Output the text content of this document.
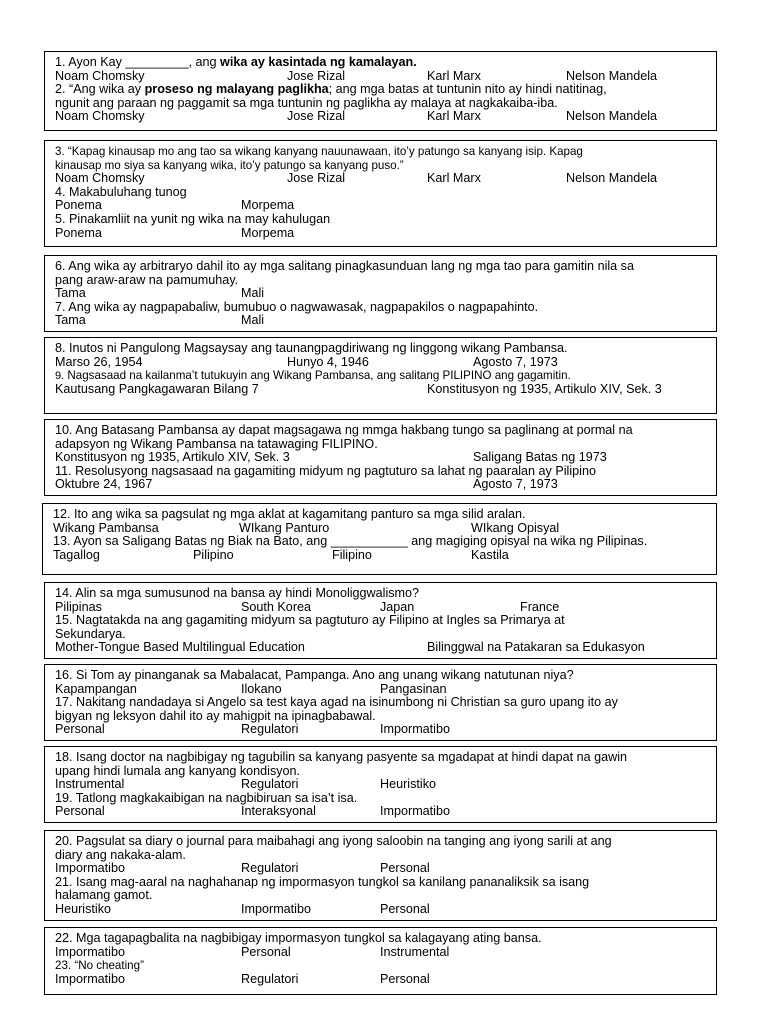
1. Ayon Kay _________, ang wika ay kasintada ng kamalayan.
Noam Chomsky	Jose Rizal	Karl Marx	Nelson Mandela
2. “Ang wika ay proseso ng malayang paglikha; ang mga batas at tuntunin nito ay hindi natitinag,
ngunit ang paraan ng paggamit sa mga tuntunin ng paglikha ay malaya at nagkakaiba-iba.
Noam Chomsky	Jose Rizal	Karl Marx	Nelson Mandela
3. “Kapag kinausap mo ang tao sa wikang kanyang nauunawaan, ito’y patungo sa kanyang isip. Kapag
kinausap mo siya sa kanyang wika, ito’y patungo sa kanyang puso.”
Noam Chomsky	Jose Rizal	Karl Marx	Nelson Mandela
4. Makabuluhang tunog
Ponema	Morpema
5. Pinakamliit na yunit ng wika na may kahulugan
Ponema	Morpema
6. Ang wika ay arbitraryo dahil ito ay mga salitang pinagkasunduan lang ng mga tao para gamitin nila sa
pang araw-araw na pamumuhay.
Tama	Mali
7. Ang wika ay nagpapabaliw, bumubuo o nagwawasak, nagpapakilos o nagpapahinto.
Tama	Mali
8. Inutos ni Pangulong Magsaysay ang taunangpagdiriwang ng linggong wikang Pambansa.
Marso 26, 1954	Hunyo 4, 1946	Agosto 7, 1973
9. Nagsasaad na kailanma’t tutukuyin ang Wikang Pambansa, ang salitang PILIPINO ang gagamitin.
Kautusang Pangkagawaran Bilang 7	Konstitusyon ng 1935, Artikulo XIV, Sek. 3
10. Ang Batasang Pambansa ay dapat magsagawa ng mmga hakbang tungo sa paglinang at pormal na
adapsyon ng Wikang Pambansa na tatawaging FILIPINO.
Konstitusyon ng 1935, Artikulo XIV, Sek. 3	Saligang Batas ng 1973
11. Resolusyong nagsasaad na gagamiting midyum ng pagtuturo sa lahat ng paaralan ay Pilipino
Oktubre 24, 1967	Agosto 7, 1973
12. Ito ang wika sa pagsulat ng mga aklat at kagamitang panturo sa mga silid aralan.
Wikang Pambansa	WIkang Panturo	WIkang Opisyal
13. Ayon sa Saligang Batas ng Biak na Bato, ang ___________ ang magiging opisyal na wika ng Pilipinas.
Tagallog	Pilipino	Filipino	Kastila
14. Alin sa mga sumusunod na bansa ay hindi Monoliggwalismo?
Pilipinas	South Korea	Japan	France
15. Nagtatakda na ang gagamiting midyum sa pagtuturo ay Filipino at Ingles sa Primarya at
Sekundarya.
Mother-Tongue Based Multilingual Education	Bilinggwal na Patakaran sa Edukasyon
16. Si Tom ay pinanganak sa Mabalacat, Pampanga. Ano ang unang wikang natutunan niya?
Kapampangan	Ilokano	Pangasinan
17. Nakitang nandadaya si Angelo sa test kaya agad na isinumbong ni Christian sa guro upang ito ay
bigyan ng leksyon dahil ito ay mahigpit na ipinagbabawal.
Personal	Regulatori	Impormatibo
18. Isang doctor na nagbibigay ng tagubilin sa kanyang pasyente sa mgadapat at hindi dapat na gawin
upang hindi lumala ang kanyang kondisyon.
Instrumental	Regulatori	Heuristiko
19. Tatlong magkakaibigan na nagbibiruan sa isa’t isa.
Personal	Interaksyonal	Impormatibo
20. Pagsulat sa diary o journal para maibahagi ang iyong saloobin na tanging ang iyong sarili at ang
diary ang nakaka-alam.
Impormatibo	Regulatori	Personal
21. Isang mag-aaral na naghahanap ng impormasyon tungkol sa kanilang pananaliksik sa isang
halamang gamot.
Heuristiko	Impormatibo	Personal
22. Mga tagapagbalita na nagbibigay impormasyon tungkol sa kalagayang ating bansa.
Impormatibo	Personal	Instrumental
23. “No cheating”
Impormatibo	Regulatori	Personal
